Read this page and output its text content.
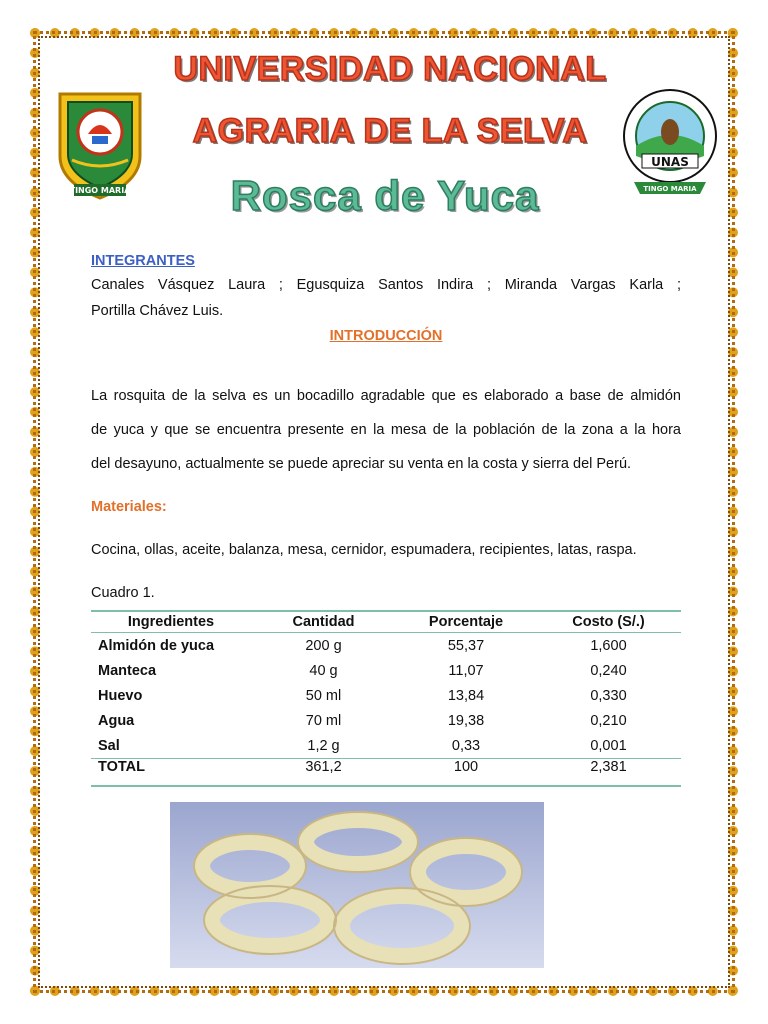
TINGO MARIA
UNAS
TINGO MARIA
UNIVERSIDAD NACIONAL
AGRARIA DE LA SELVA
Rosca de Yuca
INTEGRANTES
Canales Vásquez Laura ; Egusquiza Santos Indira ; Miranda Vargas Karla ;
Portilla Chávez Luis.
INTRODUCCIÓN
La rosquita de la selva es un bocadillo agradable que es elaborado a base de almidón
de yuca y que se encuentra presente en la mesa de la población de la zona a la hora
del desayuno, actualmente se puede apreciar su venta en la costa y sierra del Perú.
Materiales:
Cocina, ollas, aceite, balanza, mesa, cernidor, espumadera, recipientes, latas, raspa.
Cuadro 1.
Ingredientes	Cantidad	Porcentaje	Costo (S/.)
Almidón de yuca	200 g	55,37	1,600
Manteca	40 g	11,07	0,240
Huevo	50 ml	13,84	0,330
Agua	70 ml	19,38	0,210
Sal	1,2 g	0,33	0,001
TOTAL	361,2	100	2,381
